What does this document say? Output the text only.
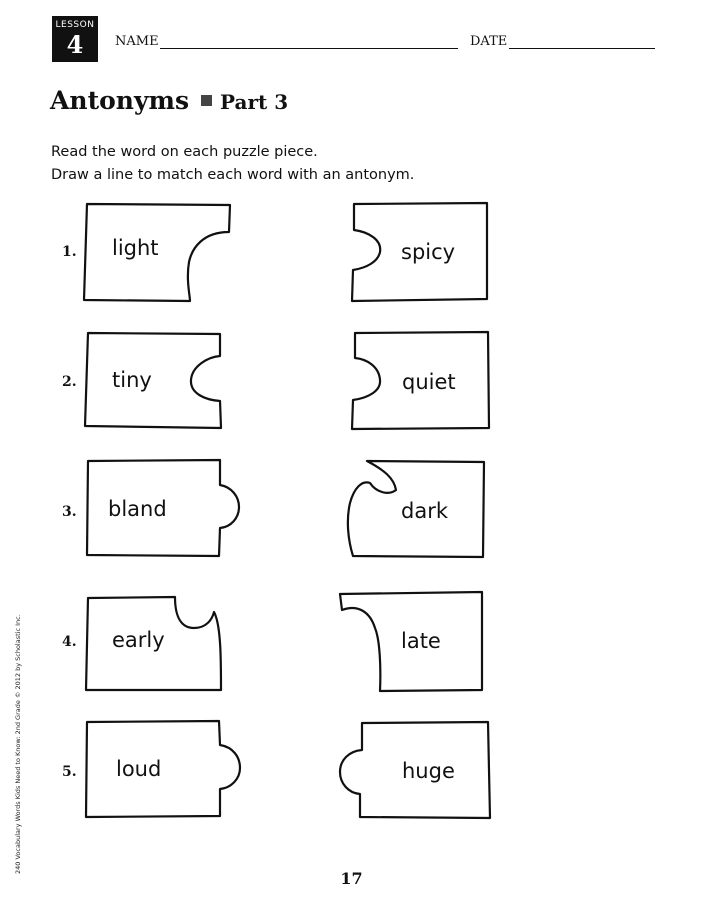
LESSON
4	NAME	DATE
Antonyms Part 3
Read the word on each puzzle piece.
Draw a line to match each word with an antonym.
1.
2.
3.
4.
5.
light	spicy
tiny	quiet
bland	dark
early	late
loud	huge
240 Vocabulary Words Kids Need to Know: 2nd Grade © 2012 by Scholastic Inc.
17
